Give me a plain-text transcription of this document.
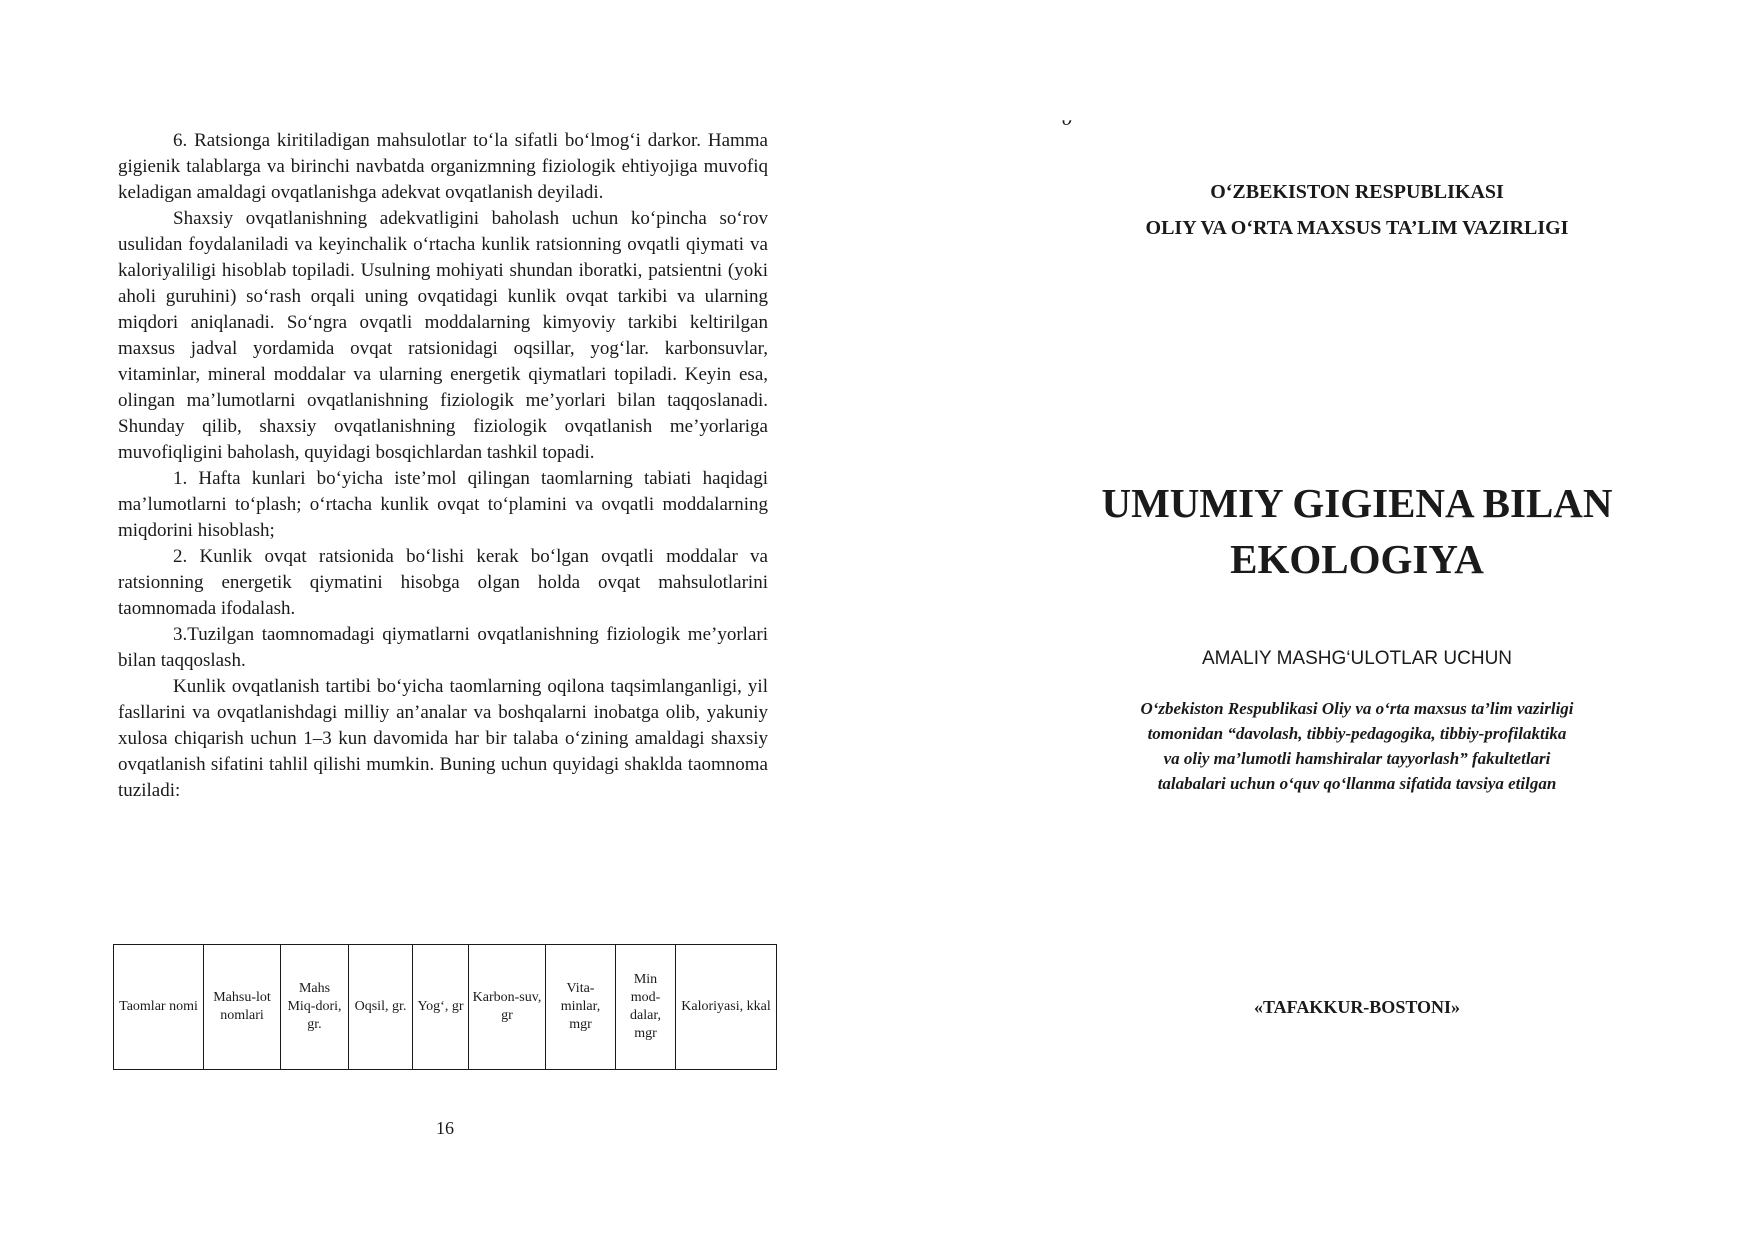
6. Ratsionga kiritiladigan mahsulotlar to‘la sifatli bo‘lmog‘i darkor. Hamma gigienik talablarga va birinchi navbatda organizmning fiziologik ehtiyojiga muvofiq keladigan amaldagi ovqatlanishga adekvat ovqatlanish deyiladi.

Shaxsiy ovqatlanishning adekvatligini baholash uchun ko‘pincha so‘rov usulidan foydalaniladi va keyinchalik o‘rtacha kunlik ratsionning ovqatli qiymati va kaloriyaliligi hisoblab topiladi. Usulning mohiyati shundan iboratki, patsientni (yoki aholi guruhini) so‘rash orqali uning ovqatidagi kunlik ovqat tarkibi va ularning miqdori aniqlanadi. So‘ngra ovqatli moddalarning kimyoviy tarkibi keltirilgan maxsus jadval yordamida ovqat ratsionidagi oqsillar, yog‘lar. karbonsuvlar, vitaminlar, mineral moddalar va ularning energetik qiymatlari topiladi. Keyin esa, olingan ma’lumotlarni ovqatlanishning fiziologik me’yorlari bilan taqqoslanadi. Shunday qilib, shaxsiy ovqatlanishning fiziologik ovqatlanish me’yorlariga muvofiqligini baholash, quyidagi bosqichlardan tashkil topadi.

1. Hafta kunlari bo‘yicha iste’mol qilingan taomlarning tabiati haqidagi ma’lumotlarni to‘plash; o‘rtacha kunlik ovqat to‘plamini va ovqatli moddalarning miqdorini hisoblash;

2. Kunlik ovqat ratsionida bo‘lishi kerak bo‘lgan ovqatli moddalar va ratsionning energetik qiymatini hisobga olgan holda ovqat mahsulotlarini taomnomada ifodalash.

3.Tuzilgan taomnomadagi qiymatlarni ovqatlanishning fiziologik me’yorlari bilan taqqoslash.

Kunlik ovqatlanish tartibi bo‘yicha taomlarning oqilona taqsimlanganligi, yil fasllarini va ovqatlanishdagi milliy an’analar va boshqalarni inobatga olib, yakuniy xulosa chiqarish uchun 1–3 kun davomida har bir talaba o‘zining amaldagi shaxsiy ovqatlanish sifatini tahlil qilishi mumkin. Buning uchun quyidagi shaklda taomnoma tuziladi:

Taomlar nomi	Mahsu-lot nomlari	Mahs Miq-dori, gr.	Oqsil, gr.	Yog‘, gr	Karbon-suv, gr	Vita-minlar, mgr	Min mod-dalar, mgr	Kaloriyasi, kkal
16
ᴗ
O‘ZBEKISTON RESPUBLIKASI
OLIY VA O‘RTA MAXSUS TA’LIM VAZIRLIGI
UMUMIY GIGIENA BILAN
EKOLOGIYA
AMALIY MASHG‘ULOTLAR UCHUN
O‘zbekiston Respublikasi Oliy va o‘rta maxsus ta’lim vazirligi
tomonidan “davolash, tibbiy-pedagogika, tibbiy-profilaktika
va oliy ma’lumotli hamshiralar tayyorlash” fakultetlari
talabalari uchun o‘quv qo‘llanma sifatida tavsiya etilgan
«TAFAKKUR-BOSTONI»
